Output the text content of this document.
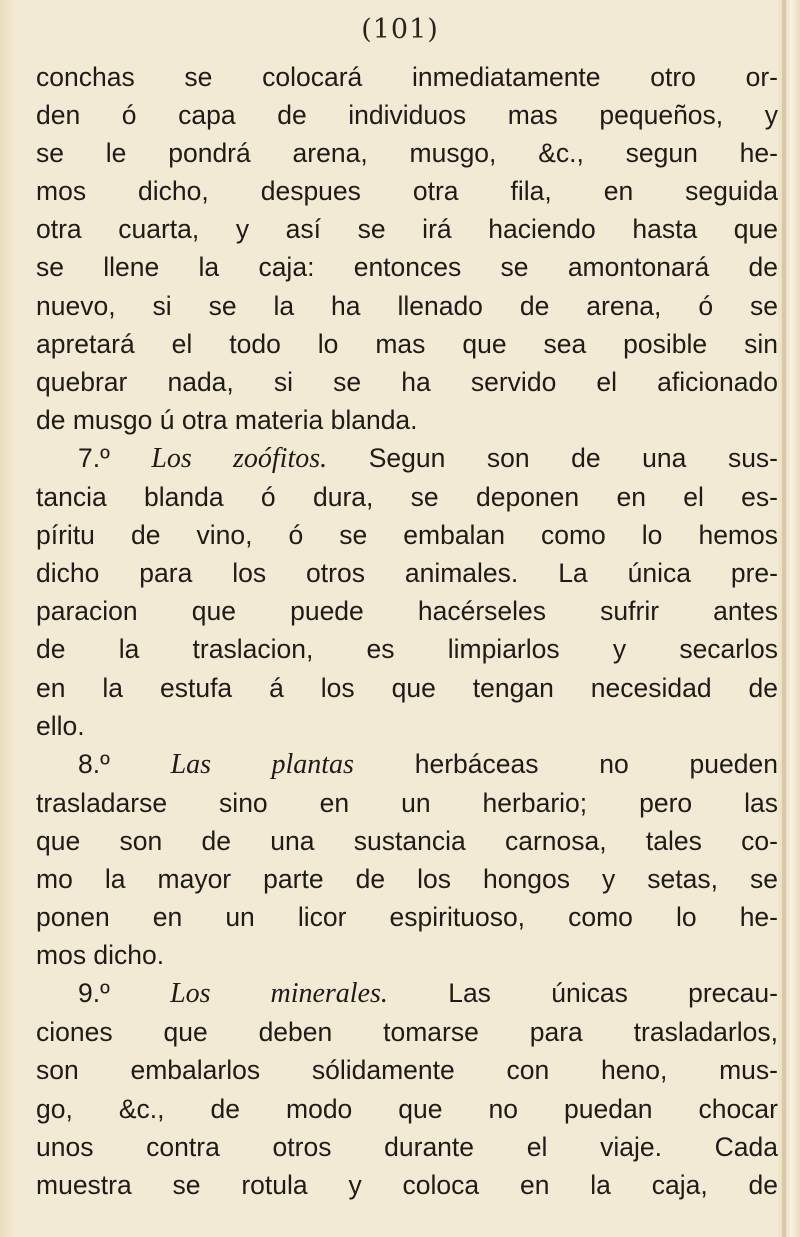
(101)
conchas se colocará inmediatamente otro or-
den ó capa de individuos mas pequeños, y
se le pondrá arena, musgo, &c., segun he-
mos dicho, despues otra fila, en seguida
otra cuarta, y así se irá haciendo hasta que
se llene la caja: entonces se amontonará de
nuevo, si se la ha llenado de arena, ó se
apretará el todo lo mas que sea posible sin
quebrar nada, si se ha servido el aficionado
de musgo ú otra materia blanda.
7.º Los zoófitos. Segun son de una sus-
tancia blanda ó dura, se deponen en el es-
píritu de vino, ó se embalan como lo hemos
dicho para los otros animales. La única pre-
paracion que puede hacérseles sufrir antes
de la traslacion, es limpiarlos y secarlos
en la estufa á los que tengan necesidad de
ello.
8.º Las plantas herbáceas no pueden
trasladarse sino en un herbario; pero las
que son de una sustancia carnosa, tales co-
mo la mayor parte de los hongos y setas, se
ponen en un licor espirituoso, como lo he-
mos dicho.
9.º Los minerales. Las únicas precau-
ciones que deben tomarse para trasladarlos,
son embalarlos sólidamente con heno, mus-
go, &c., de modo que no puedan chocar
unos contra otros durante el viaje. Cada
muestra se rotula y coloca en la caja, de
